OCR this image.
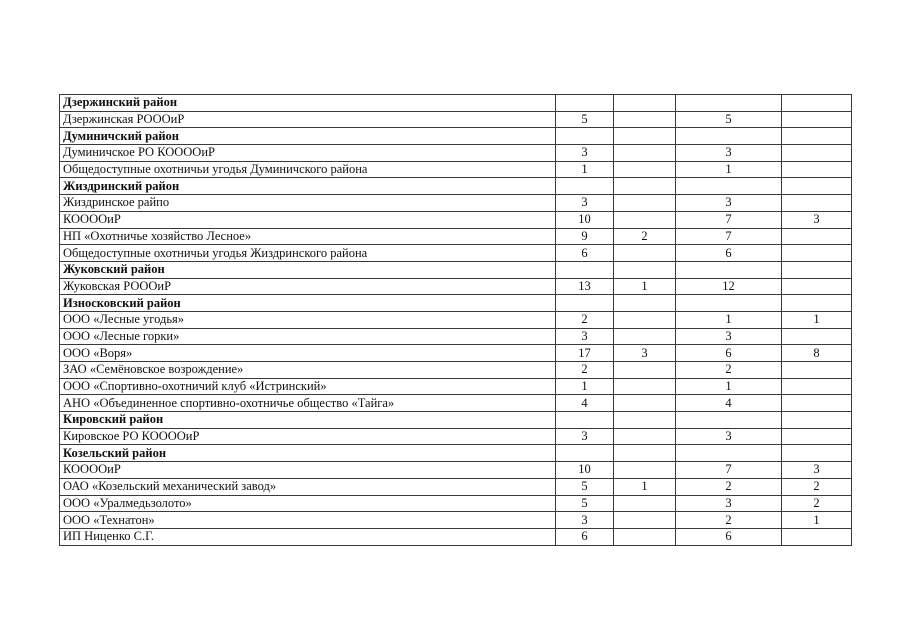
Дзержинский район				
Дзержинская РОООиР	5		5	
Думиничский район				
Думиничское РО КООООиР	3		3	
Общедоступные охотничьи угодья Думиничского района	1		1	
Жиздринский район				
Жиздринское райпо	3		3	
КООООиР	10		7	3
НП «Охотничье хозяйство Лесное»	9	2	7	
Общедоступные охотничьи угодья Жиздринского района	6		6	
Жуковский район				
Жуковская РОООиР	13	1	12	
Износковский район				
ООО «Лесные угодья»	2		1	1
ООО «Лесные горки»	3		3	
ООО «Воря»	17	3	6	8
ЗАО «Семёновское возрождение»	2		2	
ООО «Спортивно-охотничий клуб «Истринский»	1		1	
АНО «Объединенное спортивно-охотничье общество «Тайга»	4		4	
Кировский район				
Кировское РО КООООиР	3		3	
Козельский район				
КООООиР	10		7	3
ОАО «Козельский механический завод»	5	1	2	2
ООО «Уралмедьзолото»	5		3	2
ООО «Технатон»	3		2	1
ИП Ниценко С.Г.	6		6	
